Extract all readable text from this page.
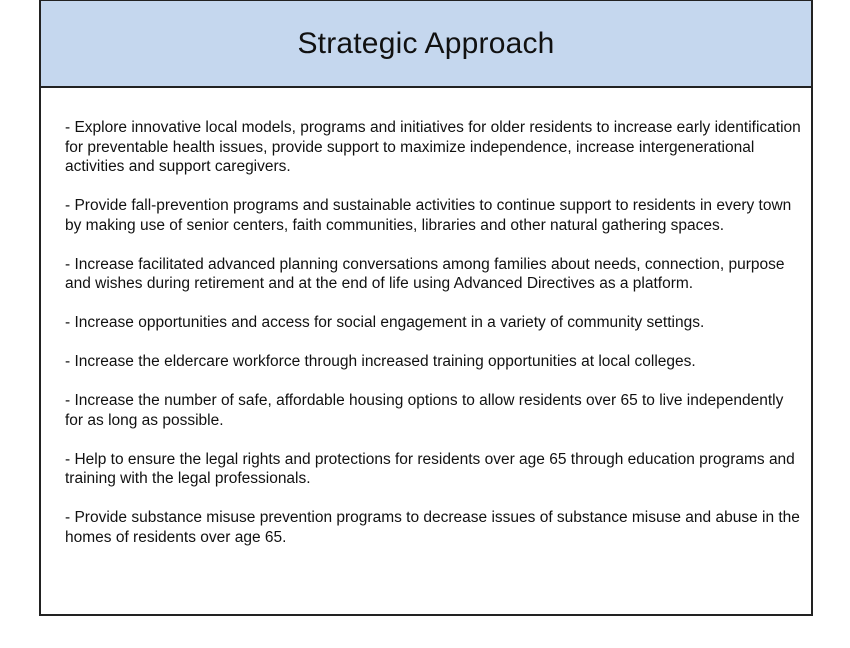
Strategic Approach
- Explore innovative local models, programs and initiatives for older residents to increase early identification for preventable health issues, provide support to maximize independence, increase intergenerational activities and support caregivers.
- Provide fall-prevention programs and sustainable activities to continue support to residents in every town by making use of senior centers, faith communities, libraries and other natural gathering spaces.
- Increase facilitated advanced planning conversations among families about needs, connection, purpose and wishes during retirement and at the end of life using Advanced Directives as a platform.
- Increase opportunities and access for social engagement in a variety of community settings.
- Increase the eldercare workforce through increased training opportunities at local colleges.
- Increase the number of safe, affordable housing options to allow residents over 65 to live independently for as long as possible.
- Help to ensure the legal rights and protections for residents over age 65 through education programs and training with the legal professionals.
- Provide substance misuse prevention programs to decrease issues of substance misuse and abuse in the homes of residents over age 65.
